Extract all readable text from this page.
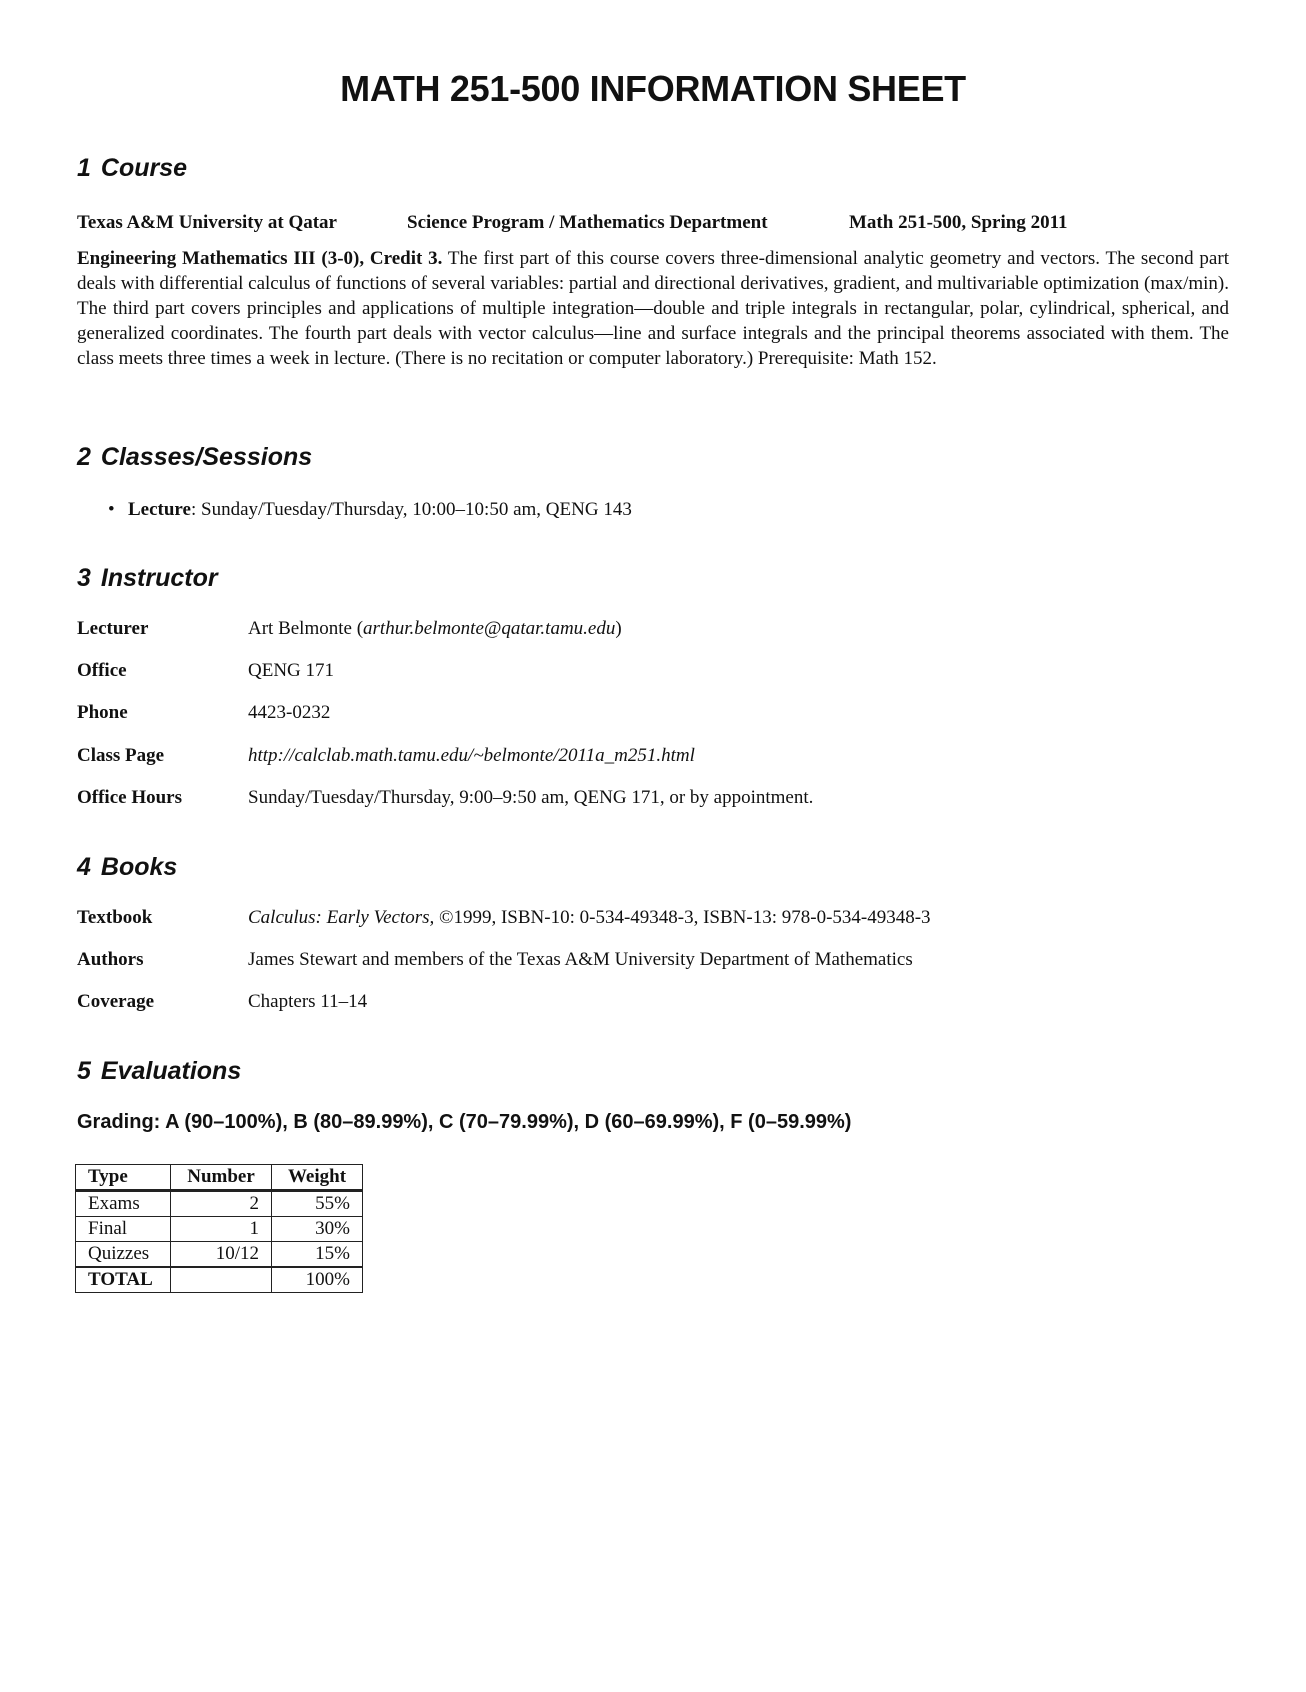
MATH 251-500 INFORMATION SHEET
1 Course
Texas A&M University at Qatar	Science Program / Mathematics Department	Math 251-500, Spring 2011

Engineering Mathematics III (3-0), Credit 3. The first part of this course covers three-dimensional analytic geometry and vectors. The second part deals with differential calculus of functions of several variables: partial and directional derivatives, gradient, and multivariable optimization (max/min). The third part covers principles and applications of multiple integration—double and triple integrals in rectangular, polar, cylindrical, spherical, and generalized coordinates. The fourth part deals with vector calculus—line and surface integrals and the principal theorems associated with them. The class meets three times a week in lecture. (There is no recitation or computer laboratory.) Prerequisite: Math 152.

2 Classes/Sessions
• Lecture: Sunday/Tuesday/Thursday, 10:00–10:50 am, QENG 143
3 Instructor
Lecturer	Art Belmonte (arthur.belmonte@qatar.tamu.edu)
Office	QENG 171
Phone	4423-0232
Class Page	http://calclab.math.tamu.edu/~belmonte/2011a_m251.html
Office Hours	Sunday/Tuesday/Thursday, 9:00–9:50 am, QENG 171, or by appointment.
4 Books
Textbook	Calculus: Early Vectors, ©1999, ISBN-10: 0-534-49348-3, ISBN-13: 978-0-534-49348-3
Authors	James Stewart and members of the Texas A&M University Department of Mathematics
Coverage	Chapters 11–14
5 Evaluations
Grading: A (90–100%), B (80–89.99%), C (70–79.99%), D (60–69.99%), F (0–59.99%)
Type	Number	Weight
Exams	2	55%
Final	1	30%
Quizzes	10/12	15%
TOTAL		100%
